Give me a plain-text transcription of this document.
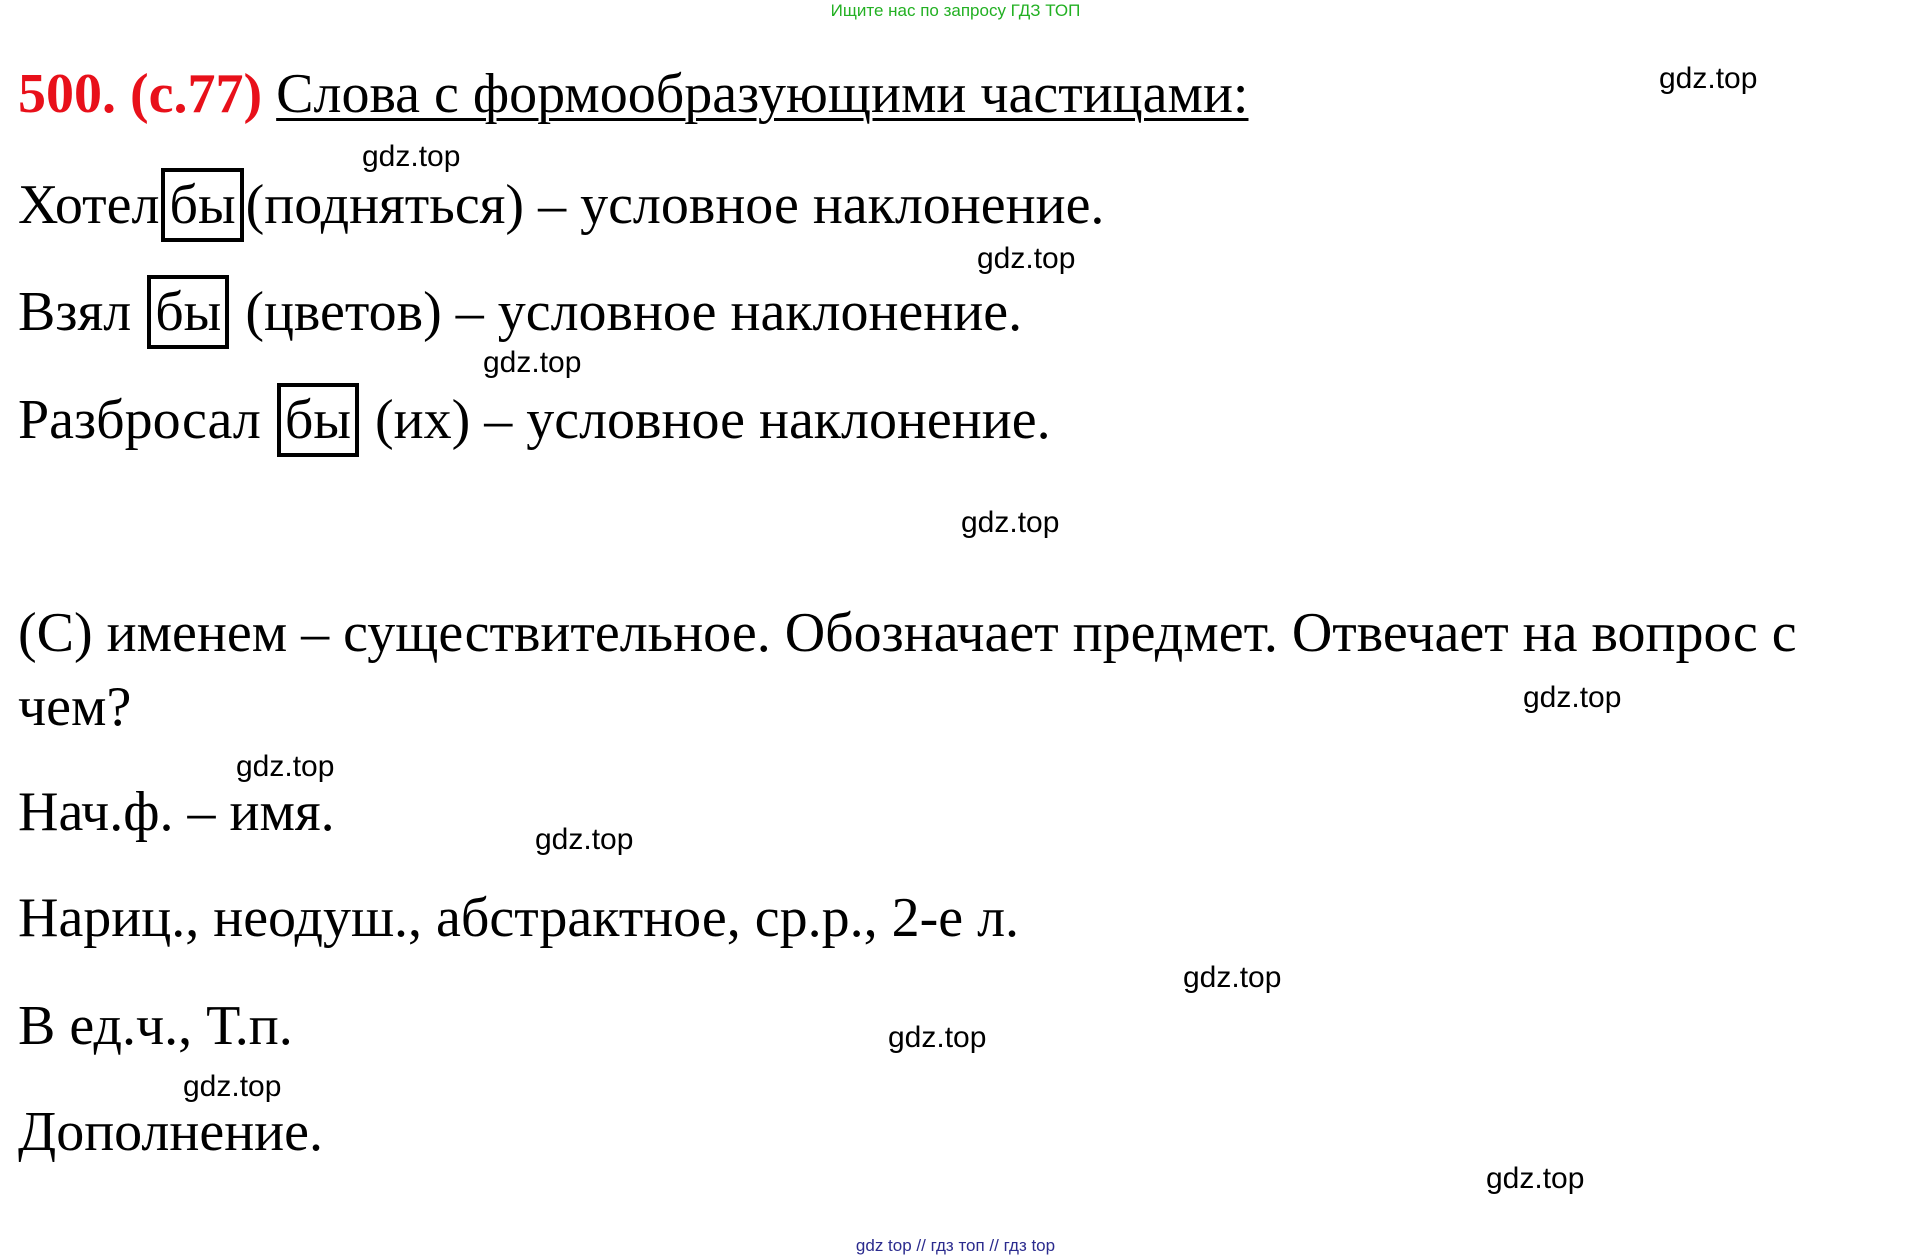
Ищите нас по запросу ГДЗ ТОП
500. (с.77) Слова с формообразующими частицами:
Хотел бы (подняться) – условное наклонение.
Взял бы (цветов) – условное наклонение.
Разбросал бы (их) – условное наклонение.
(С) именем – существительное. Обозначает предмет. Отвечает на вопрос с чем?
Нач.ф. – имя.
Нариц., неодуш., абстрактное, ср.р., 2-е л.
В ед.ч., Т.п.
Дополнение.
gdz.top
gdz.top
gdz.top
gdz.top
gdz.top
gdz.top
gdz.top
gdz.top
gdz.top
gdz.top
gdz.top
gdz.top
gdz top // гдз топ // гдз top
